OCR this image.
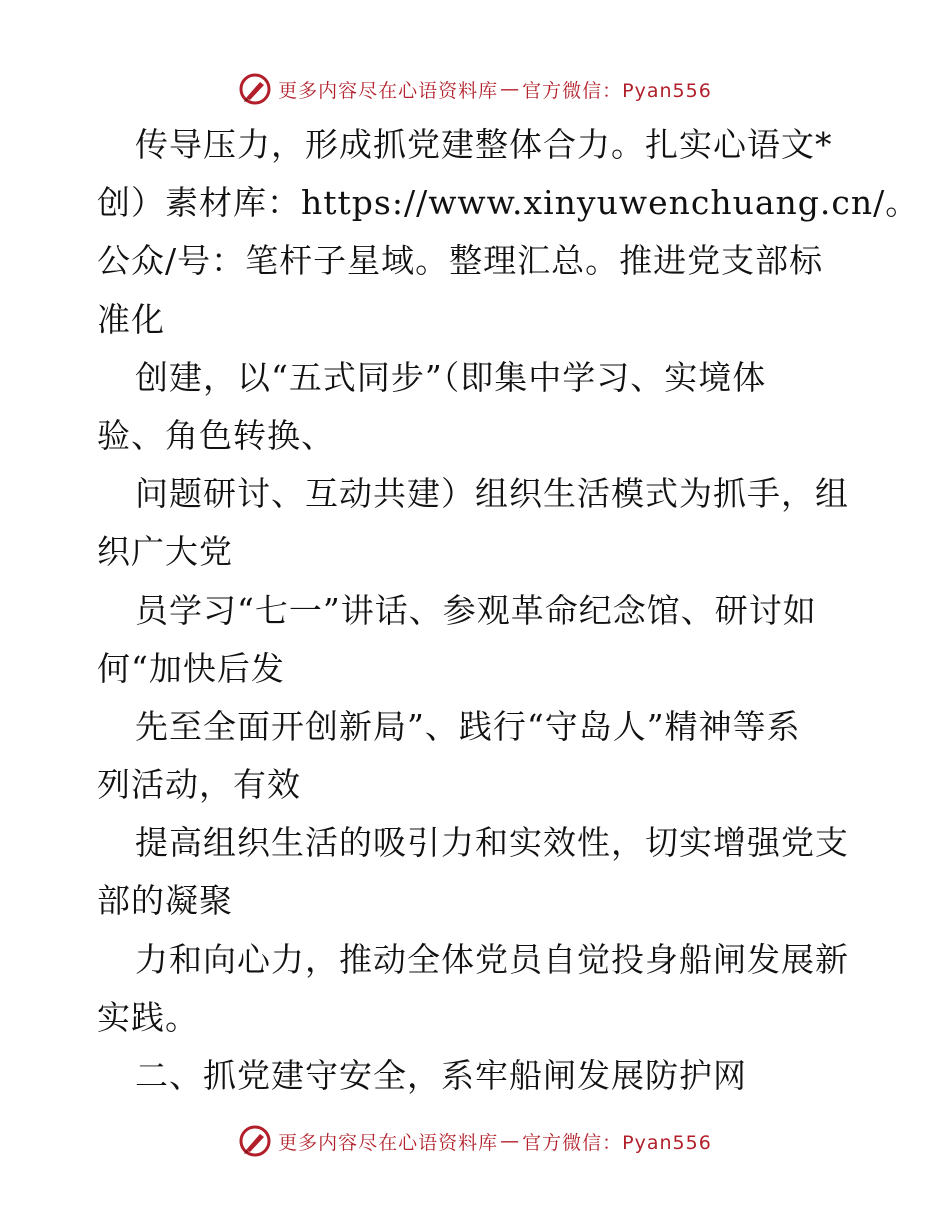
更多内容尽在心语资料库 — 官方微信：Pyan556
传导压力，形成抓党建整体合力。扎实心语文*
创）素材库：https://www.xinyuwenchuang.cn/。
公众/号：笔杆子星域。整理汇总。推进党支部标
准化
创建，以“五式同步”（即集中学习、实境体
验、角色转换、
问题研讨、互动共建）组织生活模式为抓手，组
织广大党
员学习“七一”讲话、参观革命纪念馆、研讨如
何“加快后发
先至全面开创新局”、践行“守岛人”精神等系
列活动，有效
提高组织生活的吸引力和实效性，切实增强党支
部的凝聚
力和向心力，推动全体党员自觉投身船闸发展新
实践。
二、抓党建守安全，系牢船闸发展防护网
更多内容尽在心语资料库 — 官方微信：Pyan556
